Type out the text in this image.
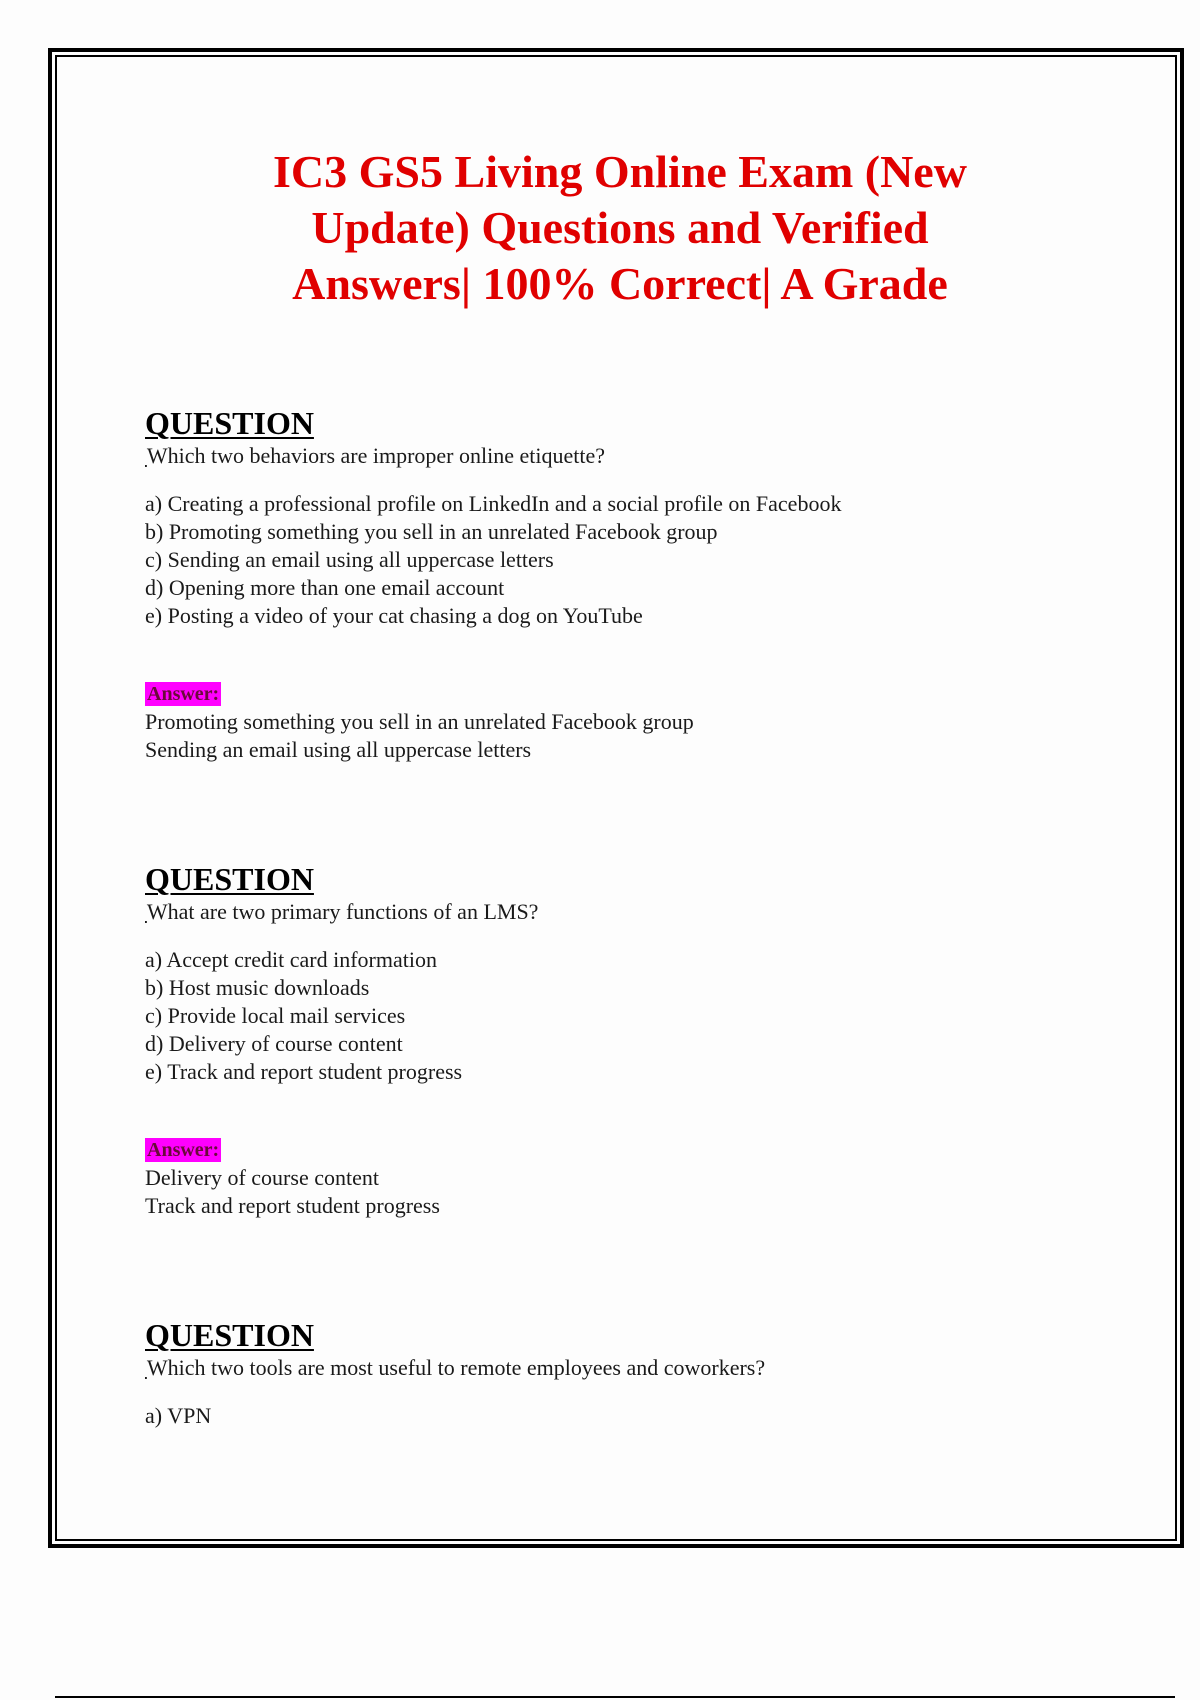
IC3 GS5 Living Online Exam (New
Update) Questions and Verified
Answers| 100% Correct| A Grade
QUESTION

 Which two behaviors are improper online etiquette?

a) Creating a professional profile on LinkedIn and a social profile on Facebook
b) Promoting something you sell in an unrelated Facebook group
c) Sending an email using all uppercase letters
d) Opening more than one email account
e) Posting a video of your cat chasing a dog on YouTube
Answer:
Promoting something you sell in an unrelated Facebook group
Sending an email using all uppercase letters
QUESTION

 What are two primary functions of an LMS?

a) Accept credit card information
b) Host music downloads
c) Provide local mail services
d) Delivery of course content
e) Track and report student progress
Answer:
Delivery of course content
Track and report student progress
QUESTION

 Which two tools are most useful to remote employees and coworkers?

a) VPN
